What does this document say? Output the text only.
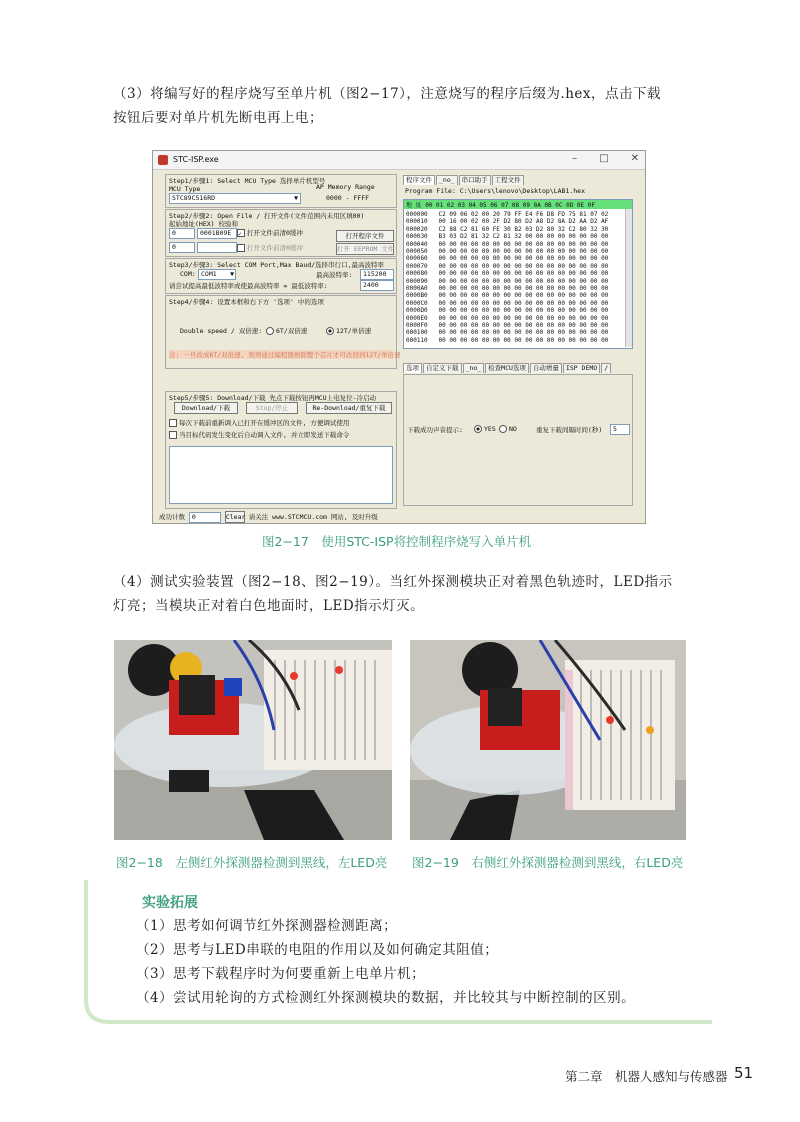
（3）将编写好的程序烧写至单片机（图2−17），注意烧写的程序后缀为.hex，点击下载
按钮后要对单片机先断电再上电；
STC-ISP.exe	– □ ✕
Step1/步骤1: Select MCU Type 选择单片机型号
MCU Type	AP Memory Range
STC89C516RD	▼	0000 - FFFF
Step2/步骤2: Open File / 打开文件(文件范围内未用区填00)
起始地址(HEX) 校验和
0	0001B09E	✓ 打开文件前清0缓冲	打开程序文件
0	打开文件前清0缓冲	打开 EEPROM 文件
Step3/步骤3: Select COM Port,Max Baud/选择串行口,最高波特率
COM: COM1 ▼	最高波特率:	115200
请尝试提高最低波特率或使最高波特率 = 最低波特率:	2400
Step4/步骤4: 设置本框和右下方 '选项' 中的选项
Double speed / 双倍速:	6T/双倍速	12T/单倍速
注: 一旦改成6T/双倍速, 则须通过编程器擦除整个芯片才可改回到12T/单倍速
Step5/步骤5: Download/下载 先点下载按钮再MCU上电复位-冷启动
Download/下载	Stop/停止	Re-Download/重复下载
每次下载前重新调入已打开在缓冲区的文件, 方便调试使用
当目标代码发生变化后自动调入文件, 并立即发送下载命令
成功计数 0	Clear 请关注 www.STCMCU.com 网站, 及时升级
程序文件 _no_ 串口助手 工程文件
Program File: C:\Users\lenovo\Desktop\LAB1.hex
地 址 00 01 02 03 04 05 06 07 08 09 0A 0B 0C 0D 0E 0F
000000   C2 09 06 02 00 20 79 FF E4 F6 D8 FD 75 81 07 02
000010   00 16 00 02 00 2F D2 80 D2 A8 D2 8A D2 AA D2 AF
000020   C2 88 C2 81 60 FE 30 B2 03 D2 80 32 C2 80 32 30
000030   B3 03 D2 81 32 C2 81 32 00 00 00 00 00 00 00 00
000040   00 00 00 00 00 00 00 00 00 00 00 00 00 00 00 00
000050   00 00 00 00 00 00 00 00 00 00 00 00 00 00 00 00
000060   00 00 00 00 00 00 00 00 00 00 00 00 00 00 00 00
000070   00 00 00 00 00 00 00 00 00 00 00 00 00 00 00 00
000080   00 00 00 00 00 00 00 00 00 00 00 00 00 00 00 00
000090   00 00 00 00 00 00 00 00 00 00 00 00 00 00 00 00
0000A0   00 00 00 00 00 00 00 00 00 00 00 00 00 00 00 00
0000B0   00 00 00 00 00 00 00 00 00 00 00 00 00 00 00 00
0000C0   00 00 00 00 00 00 00 00 00 00 00 00 00 00 00 00
0000D0   00 00 00 00 00 00 00 00 00 00 00 00 00 00 00 00
0000E0   00 00 00 00 00 00 00 00 00 00 00 00 00 00 00 00
0000F0   00 00 00 00 00 00 00 00 00 00 00 00 00 00 00 00
000100   00 00 00 00 00 00 00 00 00 00 00 00 00 00 00 00
000110   00 00 00 00 00 00 00 00 00 00 00 00 00 00 00 00
选项 自定义下载 _no_ 检查MCU选项 自动增量 ISP DEMO /
下载成功声音提示:	YES	NO	重复下载间隔时间(秒)	5
图2−17　使用STC-ISP将控制程序烧写入单片机
（4）测试实验装置（图2−18、图2−19）。当红外探测模块正对着黑色轨迹时，LED指示
灯亮；当模块正对着白色地面时，LED指示灯灭。
图2−18　左侧红外探测器检测到黑线，左LED亮 图2−19　右侧红外探测器检测到黑线，右LED亮
实验拓展
（1）思考如何调节红外探测器检测距离；
（2）思考与LED串联的电阻的作用以及如何确定其阻值；
（3）思考下载程序时为何要重新上电单片机；
（4）尝试用轮询的方式检测红外探测模块的数据，并比较其与中断控制的区别。
第二章　机器人感知与传感器 51
